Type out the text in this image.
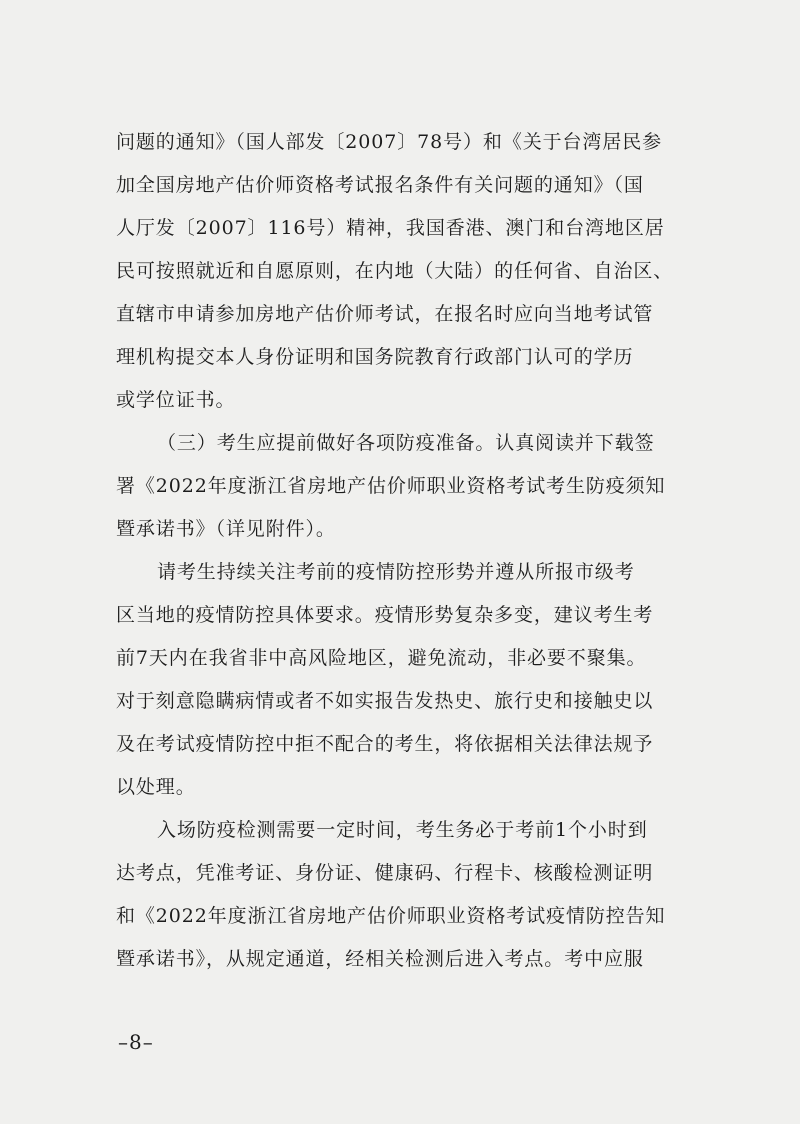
问题的通知》（国人部发〔2007〕78号）和《关于台湾居民参

加全国房地产估价师资格考试报名条件有关问题的通知》（国

人厅发〔2007〕116号）精神，我国香港、澳门和台湾地区居

民可按照就近和自愿原则，在内地（大陆）的任何省、自治区、

直辖市申请参加房地产估价师考试，在报名时应向当地考试管

理机构提交本人身份证明和国务院教育行政部门认可的学历

或学位证书。

（三）考生应提前做好各项防疫准备。认真阅读并下载签

署《2022年度浙江省房地产估价师职业资格考试考生防疫须知

暨承诺书》（详见附件）。

请考生持续关注考前的疫情防控形势并遵从所报市级考

区当地的疫情防控具体要求。疫情形势复杂多变，建议考生考

前7天内在我省非中高风险地区，避免流动，非必要不聚集。

对于刻意隐瞒病情或者不如实报告发热史、旅行史和接触史以

及在考试疫情防控中拒不配合的考生，将依据相关法律法规予

以处理。

入场防疫检测需要一定时间，考生务必于考前1个小时到

达考点，凭准考证、身份证、健康码、行程卡、核酸检测证明

和《2022年度浙江省房地产估价师职业资格考试疫情防控告知

暨承诺书》，从规定通道，经相关检测后进入考点。考中应服

–8–
